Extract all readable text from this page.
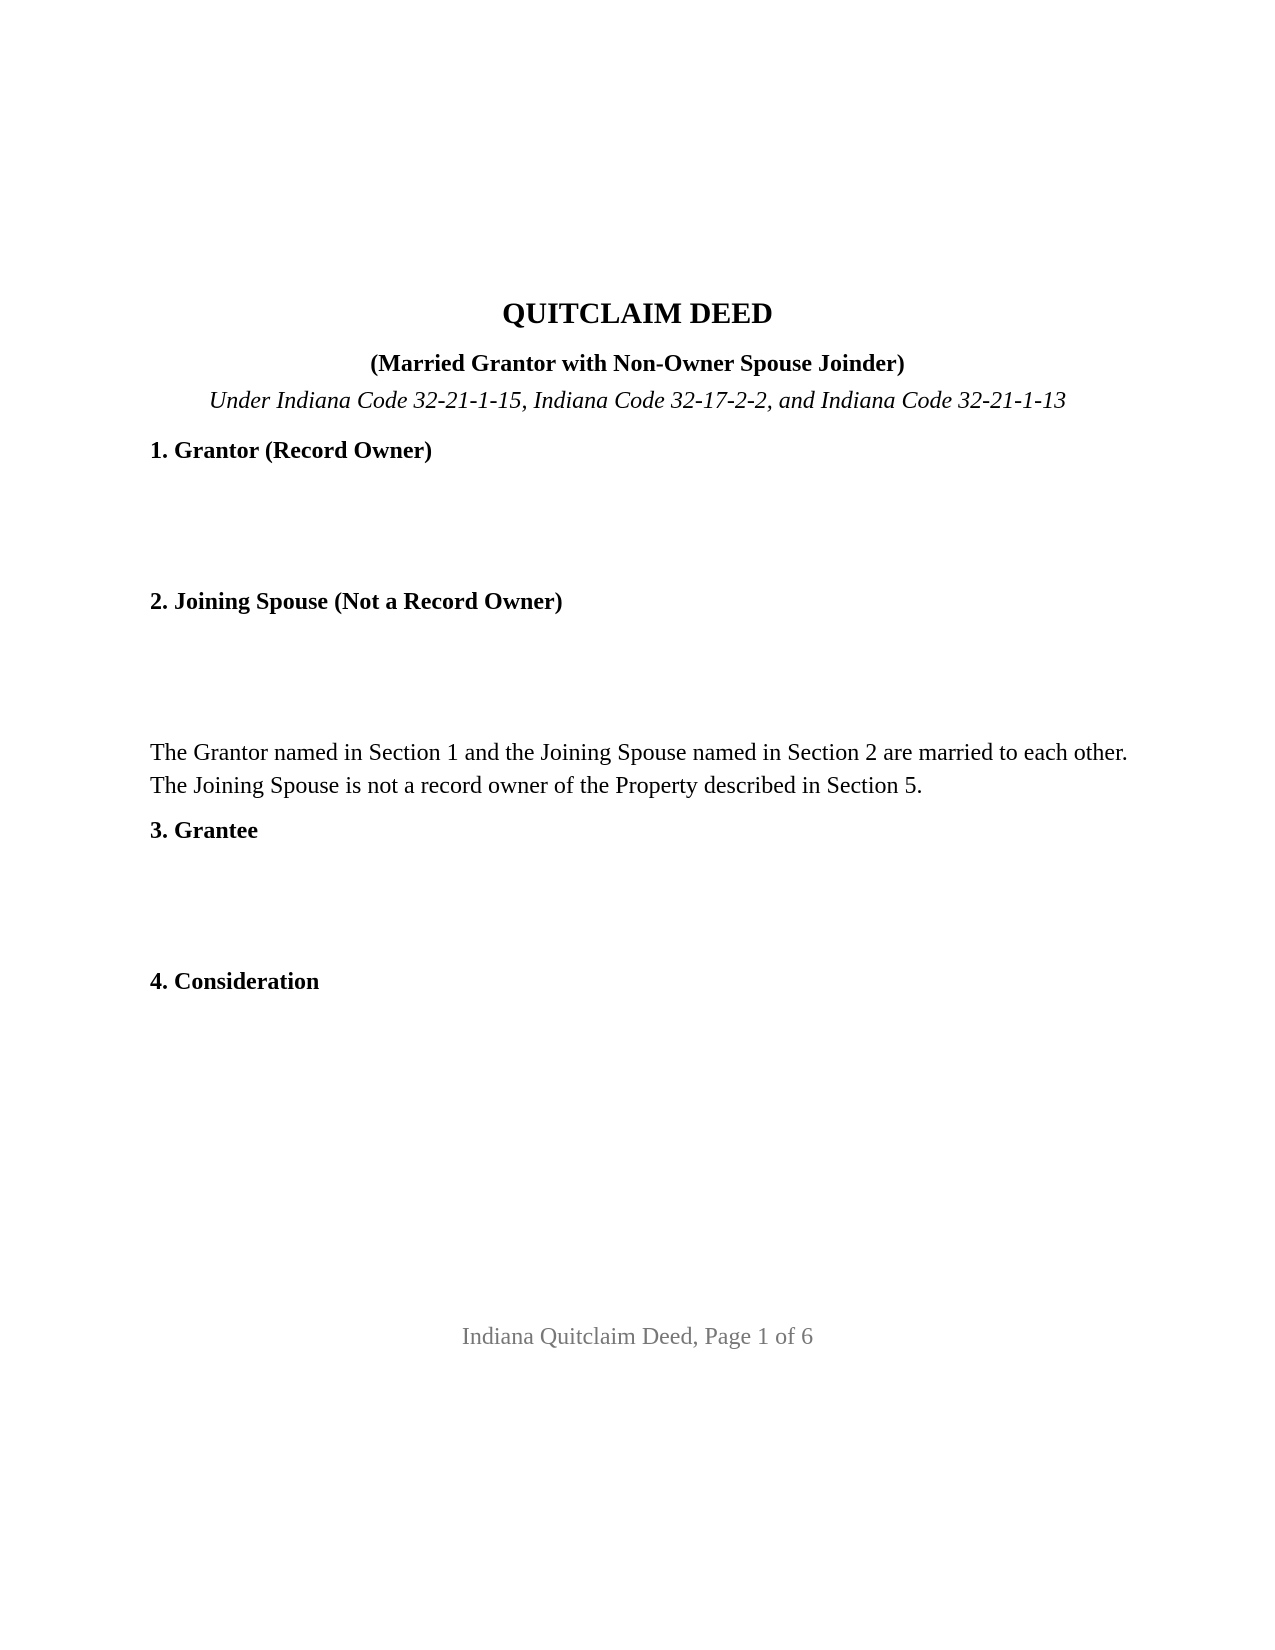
QUITCLAIM DEED
(Married Grantor with Non-Owner Spouse Joinder)
Under Indiana Code 32-21-1-15, Indiana Code 32-17-2-2, and Indiana Code 32-21-1-13
1. Grantor (Record Owner)
2. Joining Spouse (Not a Record Owner)
The Grantor named in Section 1 and the Joining Spouse named in Section 2 are married to each other. The Joining Spouse is not a record owner of the Property described in Section 5.
3. Grantee
4. Consideration
Indiana Quitclaim Deed, Page 1 of 6
